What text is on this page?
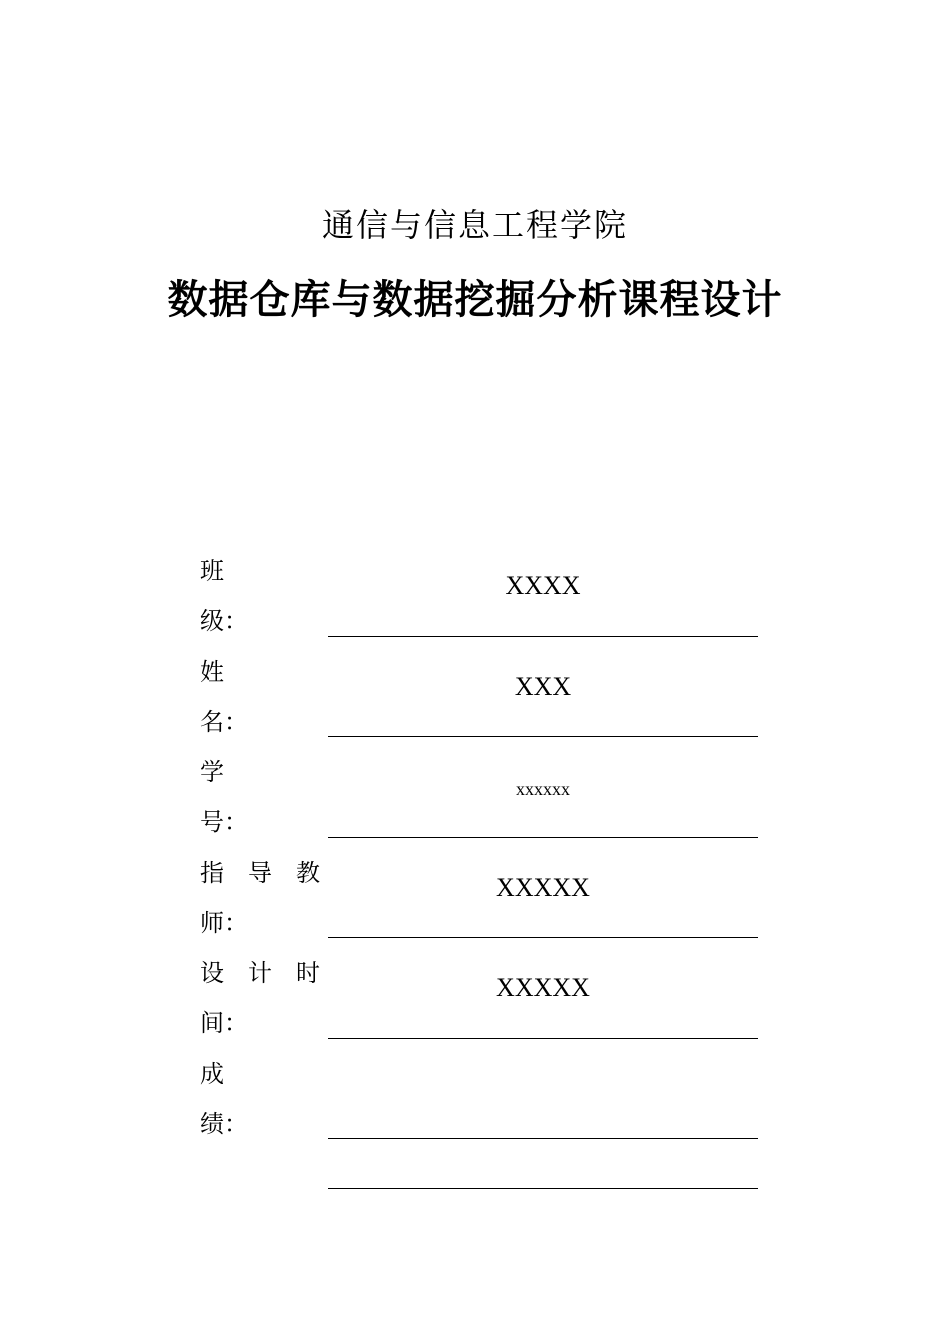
通信与信息工程学院
数据仓库与数据挖掘分析课程设计
班
级：
XXXX
姓
名：
XXX
学
号：
xxxxxx
指 导 教
师：
XXXXX
设 计 时
间：
XXXXX
成
绩：
